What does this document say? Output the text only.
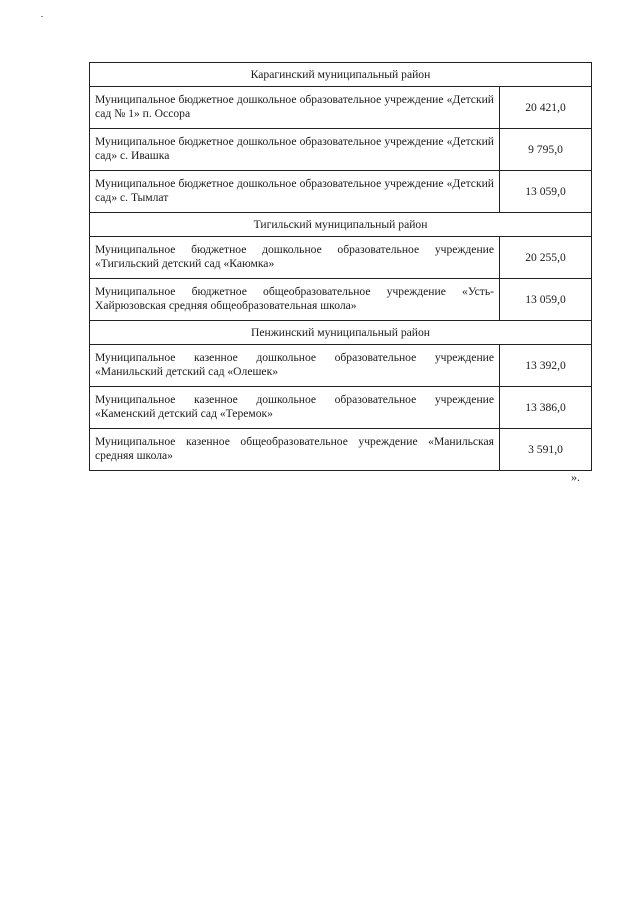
Карагинский муниципальный район	
Муниципальное бюджетное дошкольное образовательное учреждение «Детский сад № 1» п. Оссора	20 421,0
Муниципальное бюджетное дошкольное образовательное учреждение «Детский сад» с. Ивашка	9 795,0
Муниципальное бюджетное дошкольное образовательное учреждение «Детский сад» с. Тымлат	13 059,0
Тигильский муниципальный район	
Муниципальное бюджетное дошкольное образовательное учреждение «Тигильский детский сад «Каюмка»	20 255,0
Муниципальное бюджетное общеобразовательное учреждение «Усть-Хайрюзовская средняя общеобразовательная школа»	13 059,0
Пенжинский муниципальный район	
Муниципальное казенное дошкольное образовательное учреждение «Манильский детский сад «Олешек»	13 392,0
Муниципальное казенное дошкольное образовательное учреждение «Каменский детский сад «Теремок»	13 386,0
Муниципальное казенное общеобразовательное учреждение «Манильская средняя школа»	3 591,0
».
